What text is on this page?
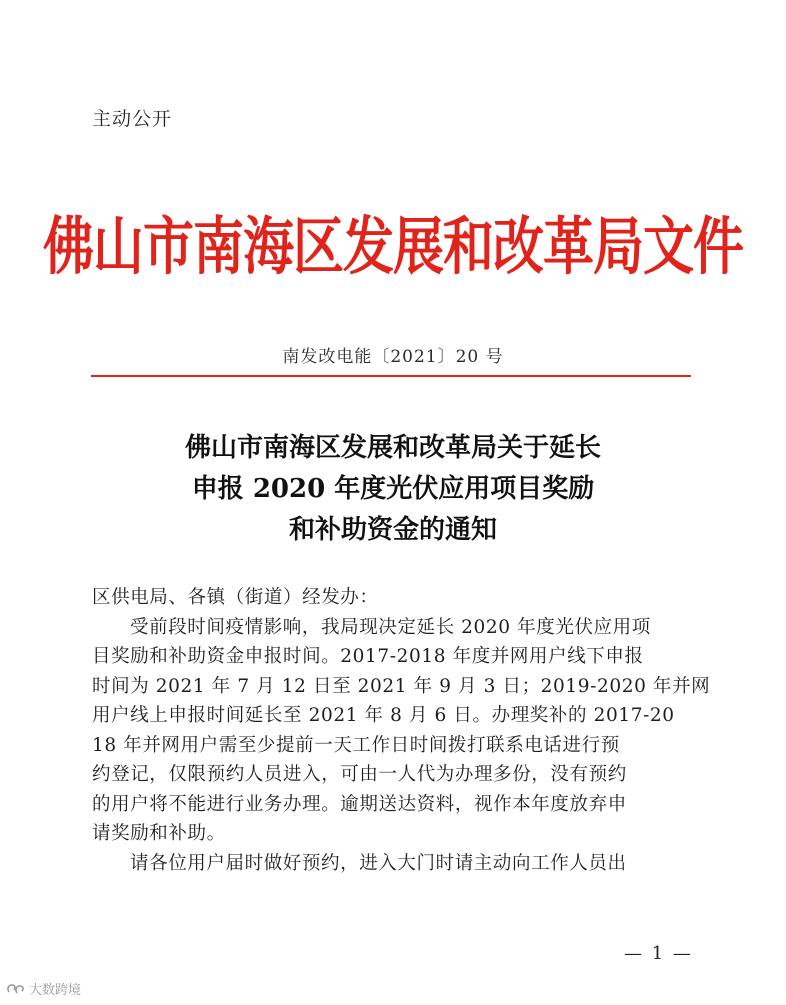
主动公开
佛山市南海区发展和改革局文件
南发改电能〔2021〕20 号
佛山市南海区发展和改革局关于延长
申报 2020 年度光伏应用项目奖励
和补助资金的通知
区供电局、各镇（街道）经发办：
受前段时间疫情影响，我局现决定延长 2020 年度光伏应用项
目奖励和补助资金申报时间。2017-2018 年度并网用户线下申报
时间为 2021 年 7 月 12 日至 2021 年 9 月 3 日；2019-2020 年并网
用户线上申报时间延长至 2021 年 8 月 6 日。办理奖补的 2017-20
18 年并网用户需至少提前一天工作日时间拨打联系电话进行预
约登记，仅限预约人员进入，可由一人代为办理多份，没有预约
的用户将不能进行业务办理。逾期送达资料，视作本年度放弃申
请奖励和补助。
请各位用户届时做好预约，进入大门时请主动向工作人员出
— 1 —
大数跨境
